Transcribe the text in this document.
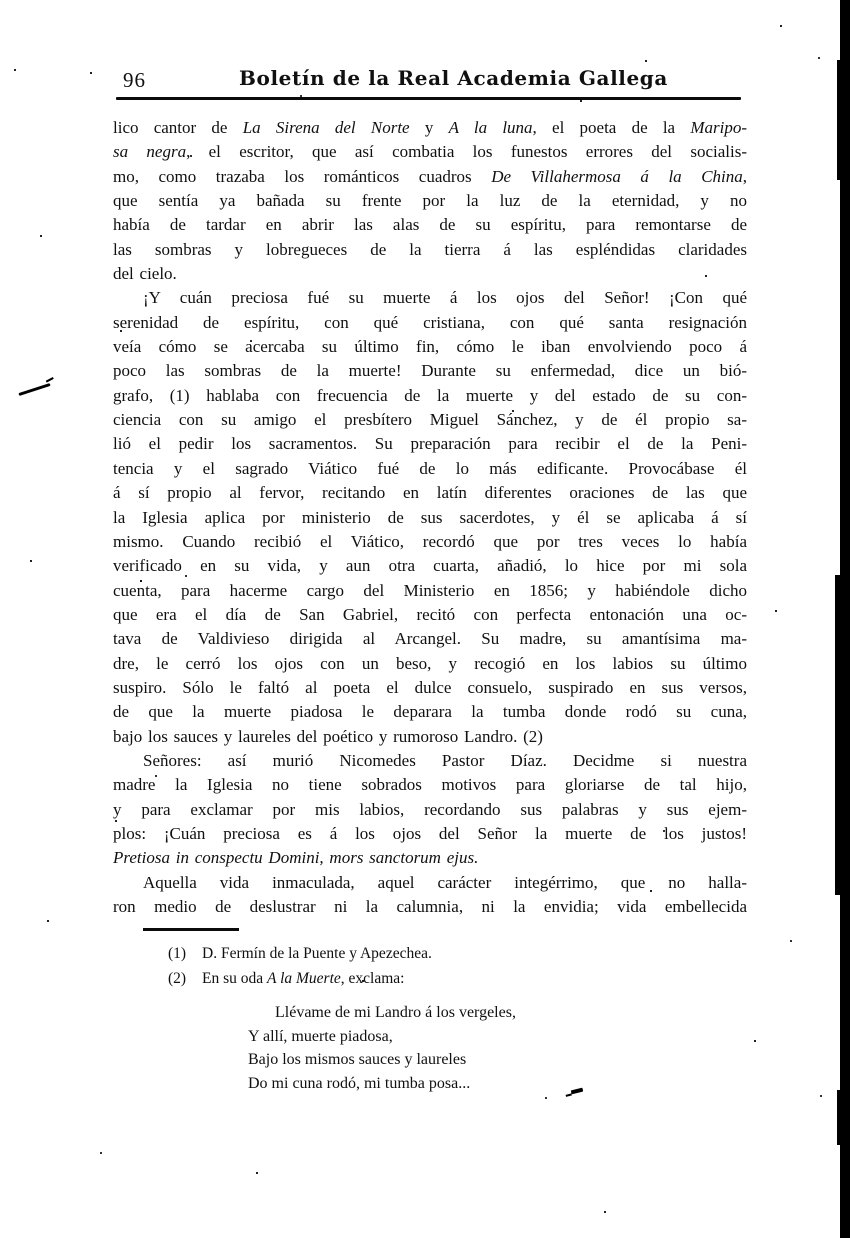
96	Boletín de la Real Academia Gallega
lico cantor de La Sirena del Norte y A la luna, el poeta de la Maripo-
sa negra, el escritor, que así combatia los funestos errores del socialis-
mo, como trazaba los románticos cuadros De Villahermosa á la China,
que sentía ya bañada su frente por la luz de la eternidad, y no
había de tardar en abrir las alas de su espíritu, para remontarse de
las sombras y lobregueces de la tierra á las espléndidas claridades
del cielo.
¡Y cuán preciosa fué su muerte á los ojos del Señor! ¡Con qué
serenidad de espíritu, con qué cristiana, con qué santa resignación
veía cómo se acercaba su último fin, cómo le iban envolviendo poco á
poco las sombras de la muerte! Durante su enfermedad, dice un bió-
grafo, (1) hablaba con frecuencia de la muerte y del estado de su con-
ciencia con su amigo el presbítero Miguel Sánchez, y de él propio sa-
lió el pedir los sacramentos. Su preparación para recibir el de la Peni-
tencia y el sagrado Viático fué de lo más edificante. Provocábase él
á sí propio al fervor, recitando en latín diferentes oraciones de las que
la Iglesia aplica por ministerio de sus sacerdotes, y él se aplicaba á sí
mismo. Cuando recibió el Viático, recordó que por tres veces lo había
verificado en su vida, y aun otra cuarta, añadió, lo hice por mi sola
cuenta, para hacerme cargo del Ministerio en 1856; y habiéndole dicho
que era el día de San Gabriel, recitó con perfecta entonación una oc-
tava de Valdivieso dirigida al Arcangel. Su madre, su amantísima ma-
dre, le cerró los ojos con un beso, y recogió en los labios su último
suspiro. Sólo le faltó al poeta el dulce consuelo, suspirado en sus versos,
de que la muerte piadosa le deparara la tumba donde rodó su cuna,
bajo los sauces y laureles del poético y rumoroso Landro. (2)
Señores: así murió Nicomedes Pastor Díaz. Decidme si nuestra
madre la Iglesia no tiene sobrados motivos para gloriarse de tal hijo,
y para exclamar por mis labios, recordando sus palabras y sus ejem-
plos: ¡Cuán preciosa es á los ojos del Señor la muerte de los justos!
Pretiosa in conspectu Domini, mors sanctorum ejus.
Aquella vida inmaculada, aquel carácter integérrimo, que no halla-
ron medio de deslustrar ni la calumnia, ni la envidia; vida embellecida
(1) D. Fermín de la Puente y Apezechea.
(2) En su oda A la Muerte, exclama:
Llévame de mi Landro á los vergeles,
Y allí, muerte piadosa,
Bajo los mismos sauces y laureles
Do mi cuna rodó, mi tumba posa...
